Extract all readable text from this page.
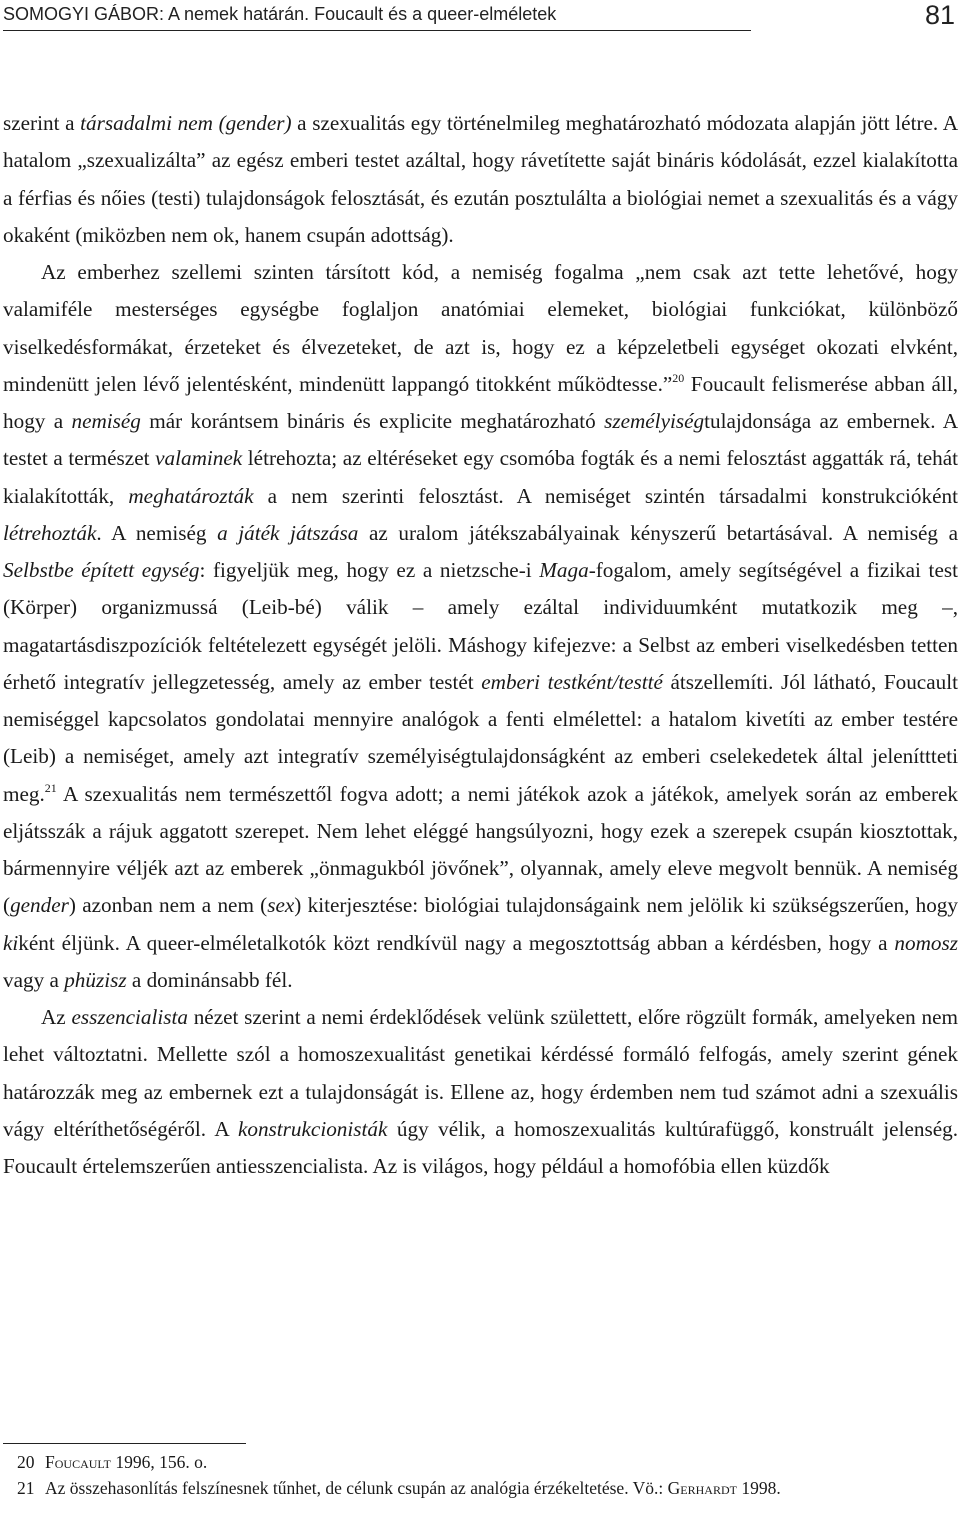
SOMOGYI GÁBOR: A nemek határán. Foucault és a queer-elméletek	81

szerint a társadalmi nem (gender) a szexualitás egy történelmileg meghatározható módozata alapján jött létre. A hatalom „szexualizálta” az egész emberi testet azáltal, hogy rávetítette saját bináris kódolását, ezzel kialakította a férfias és nőies (testi) tulajdonságok felosztását, és ezután posztulálta a biológiai nemet a szexualitás és a vágy okaként (miközben nem ok, hanem csupán adottság).

Az emberhez szellemi szinten társított kód, a nemiség fogalma „nem csak azt tette lehetővé, hogy valamiféle mesterséges egységbe foglaljon anatómiai elemeket, biológiai funkciókat, különböző viselkedésformákat, érzeteket és élvezeteket, de azt is, hogy ez a képzeletbeli egységet okozati elvként, mindenütt jelen lévő jelentésként, mindenütt lappangó titokként működtesse.”$^{20}$ Foucault felismerése abban áll, hogy a nemiség már korántsem bináris és explicite meghatározható személyiségtulajdonsága az embernek. A testet a természet valaminek létrehozta; az eltéréseket egy csomóba fogták és a nemi felosztást aggatták rá, tehát kialakították, meghatározták a nem szerinti felosztást. A nemiséget szintén társadalmi konstrukcióként létrehozták. A nemiség a játék játszása az uralom játékszabályainak kényszerű betartásával. A nemiség a Selbstbe épített egység: figyeljük meg, hogy ez a nietzsche-i Maga-fogalom, amely segítségével a fizikai test (Körper) organizmussá (Leib-bé) válik – amely ezáltal individuumként mutatkozik meg –, magatartásdiszpozíciók feltételezett egységét jelöli. Máshogy kifejezve: a Selbst az emberi viselkedésben tetten érhető integratív jellegzetesség, amely az ember testét emberi testként/testté átszellemíti. Jól látható, Foucault nemiséggel kapcsolatos gondolatai mennyire analógok a fenti elmélettel: a hatalom kivetíti az ember testére (Leib) a nemiséget, amely azt integratív személyiségtulajdonságként az emberi cselekedetek által jeleníttteti meg.$^{21}$ A szexualitás nem természettől fogva adott; a nemi játékok azok a játékok, amelyek során az emberek eljátsszák a rájuk aggatott szerepet. Nem lehet eléggé hangsúlyozni, hogy ezek a szerepek csupán kiosztottak, bármennyire véljék azt az emberek „önmagukból jövőnek”, olyannak, amely eleve megvolt bennük. A nemiség (gender) azonban nem a nem (sex) kiterjesztése: biológiai tulajdonságaink nem jelölik ki szükségszerűen, hogy kiként éljünk. A queer-elméletalkotók közt rendkívül nagy a megosztottság abban a kérdésben, hogy a nomosz vagy a phüzisz a dominánsabb fél.

Az esszencialista nézet szerint a nemi érdeklődések velünk születtett, előre rögzült formák, amelyeken nem lehet változtatni. Mellette szól a homoszexualitást genetikai kérdéssé formáló felfogás, amely szerint gének határozzák meg az embernek ezt a tulajdonságát is. Ellene az, hogy érdemben nem tud számot adni a szexuális vágy eltéríthetőségéről. A konstrukcionisták úgy vélik, a homoszexualitás kultúrafüggő, konstruált jelenség. Foucault értelemszerűen antiesszencialista. Az is világos, hogy például a homofóbia ellen küzdők

20 Foucault 1996, 156. o.
21 Az összehasonlítás felszínesnek tűnhet, de célunk csupán az analógia érzékeltetése. Vö.: Gerhardt 1998.
